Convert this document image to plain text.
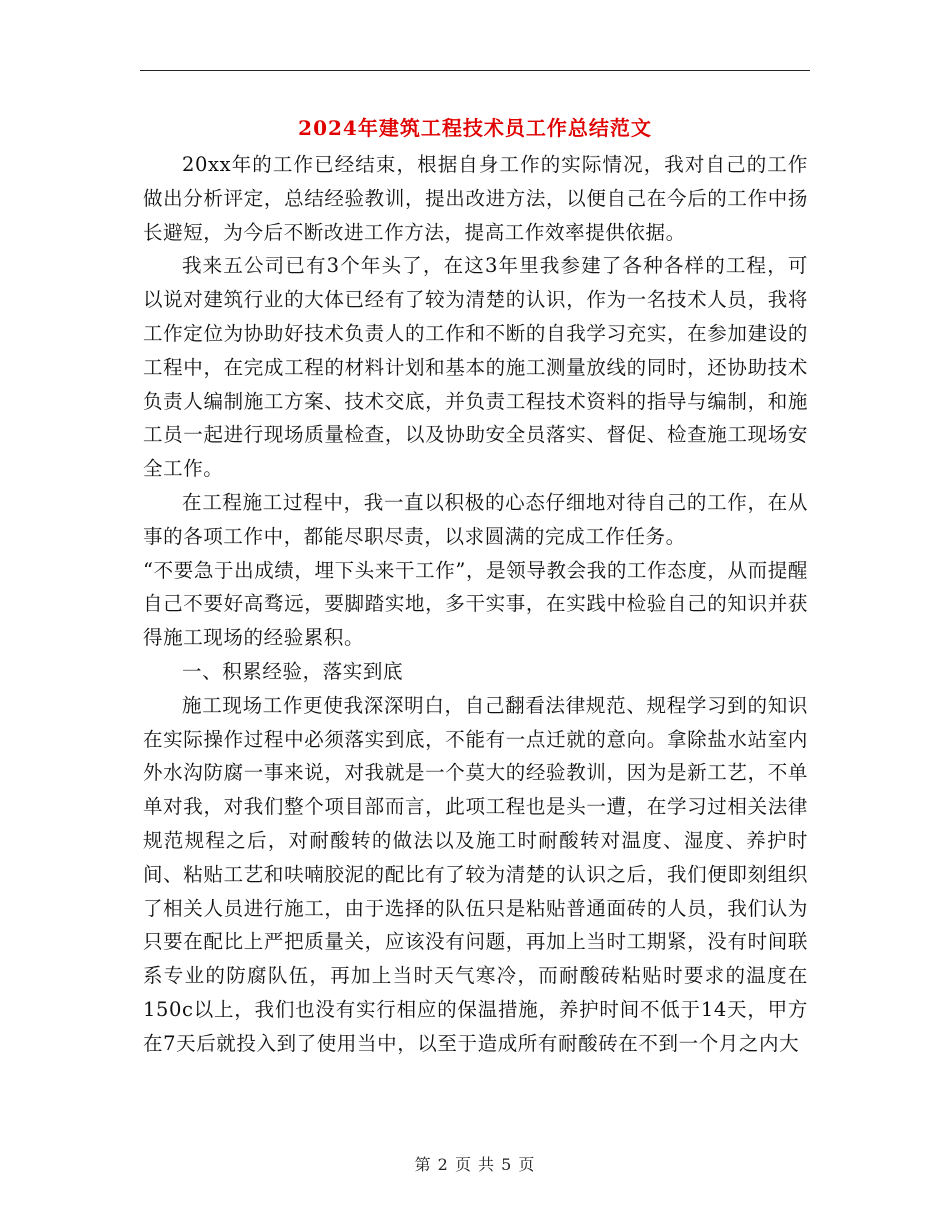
2024年建筑工程技术员工作总结范文

20xx年的工作已经结束，根据自身工作的实际情况，我对自己的工作做出分析评定，总结经验教训，提出改进方法，以便自己在今后的工作中扬长避短，为今后不断改进工作方法，提高工作效率提供依据。

我来五公司已有3个年头了，在这3年里我参建了各种各样的工程，可以说对建筑行业的大体已经有了较为清楚的认识，作为一名技术人员，我将工作定位为协助好技术负责人的工作和不断的自我学习充实，在参加建设的工程中，在完成工程的材料计划和基本的施工测量放线的同时，还协助技术负责人编制施工方案、技术交底，并负责工程技术资料的指导与编制，和施工员一起进行现场质量检查，以及协助安全员落实、督促、检查施工现场安全工作。

在工程施工过程中，我一直以积极的心态仔细地对待自己的工作，在从事的各项工作中，都能尽职尽责，以求圆满的完成工作任务。

“不要急于出成绩，埋下头来干工作”，是领导教会我的工作态度，从而提醒自己不要好高骛远，要脚踏实地，多干实事，在实践中检验自己的知识并获得施工现场的经验累积。

一、积累经验，落实到底

施工现场工作更使我深深明白，自己翻看法律规范、规程学习到的知识在实际操作过程中必须落实到底，不能有一点迁就的意向。拿除盐水站室内外水沟防腐一事来说，对我就是一个莫大的经验教训，因为是新工艺，不单单对我，对我们整个项目部而言，此项工程也是头一遭，在学习过相关法律规范规程之后，对耐酸转的做法以及施工时耐酸转对温度、湿度、养护时间、粘贴工艺和呋喃胶泥的配比有了较为清楚的认识之后，我们便即刻组织了相关人员进行施工，由于选择的队伍只是粘贴普通面砖的人员，我们认为只要在配比上严把质量关，应该没有问题，再加上当时工期紧，没有时间联系专业的防腐队伍，再加上当时天气寒冷，而耐酸砖粘贴时要求的温度在150c以上，我们也没有实行相应的保温措施，养护时间不低于14天，甲方在7天后就投入到了使用当中，以至于造成所有耐酸砖在不到一个月之内大

第 2 页 共 5 页
